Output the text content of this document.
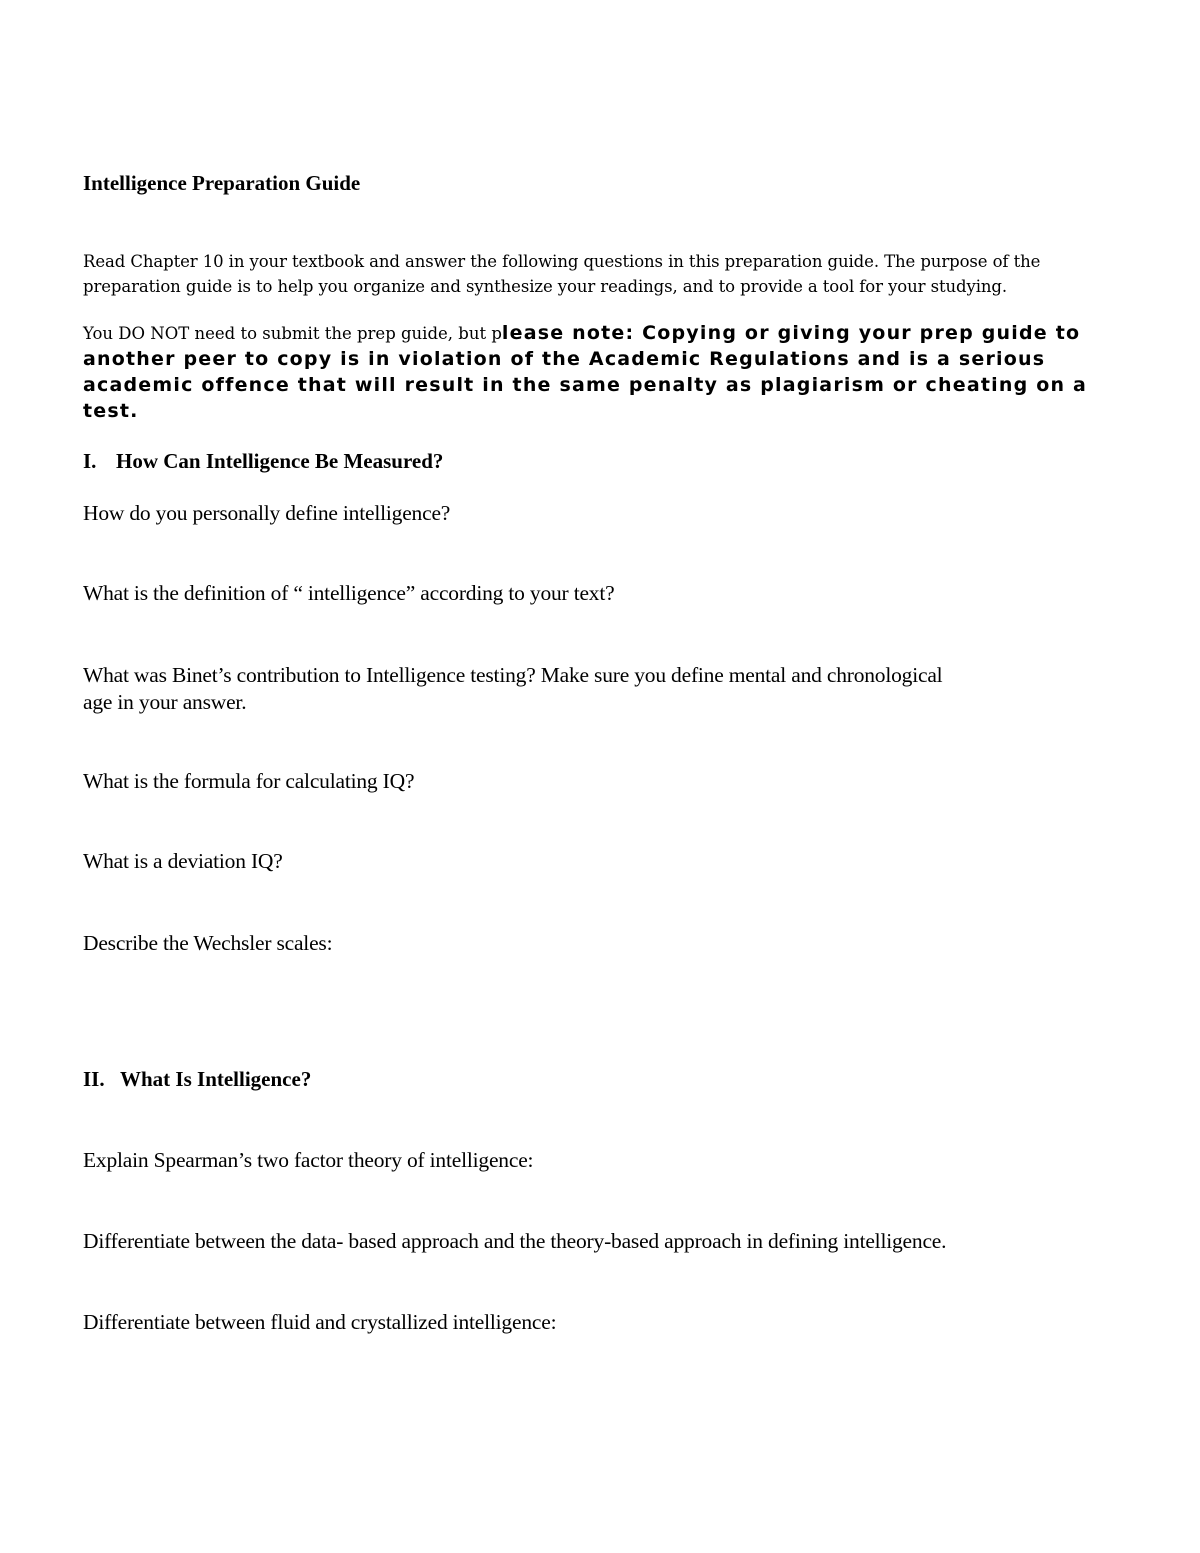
Intelligence Preparation Guide

Read Chapter 10 in your textbook and answer the following questions in this preparation guide. The purpose of the preparation guide is to help you organize and synthesize your readings, and to provide a tool for your studying.

You DO NOT need to submit the prep guide, but please note: Copying or giving your prep guide to another peer to copy is in violation of the Academic Regulations and is a serious academic offence that will result in the same penalty as plagiarism or cheating on a test.

I. How Can Intelligence Be Measured?

How do you personally define intelligence?

What is the definition of “ intelligence” according to your text?

What was Binet’s contribution to Intelligence testing? Make sure you define mental and chronological

age in your answer.

What is the formula for calculating IQ?

What is a deviation IQ?

Describe the Wechsler scales:

II. What Is Intelligence?

Explain Spearman’s two factor theory of intelligence:

Differentiate between the data- based approach and the theory-based approach in defining intelligence.

Differentiate between fluid and crystallized intelligence:
